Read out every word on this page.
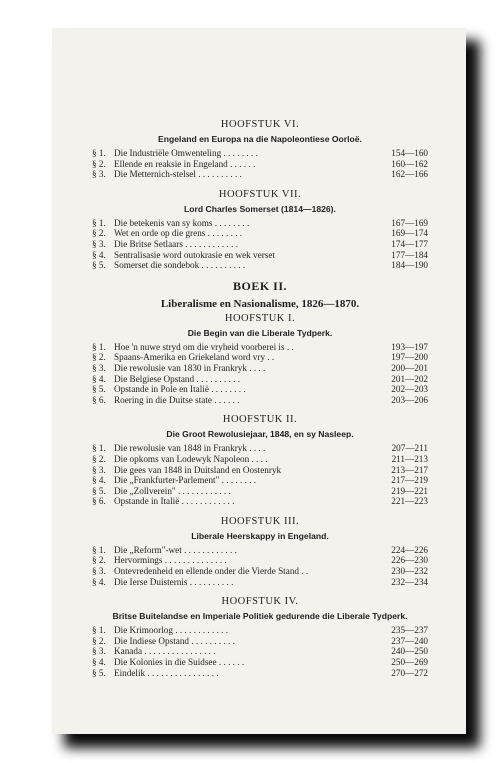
HOOFSTUK VI.
Engeland en Europa na die Napoleontiese Oorloë.
§ 1. Die Industriële Omwenteling . . . . . . . .	154—160
§ 2. Ellende en reaksie in Engeland . . . . . .	160—162
§ 3. Die Metternich-stelsel . . . . . . . . . .	162—166
HOOFSTUK VII.
Lord Charles Somerset (1814—1826).
§ 1. Die betekenis van sy koms . . . . . . . .	167—169
§ 2. Wet en orde op die grens . . . . . . . .	169—174
§ 3. Die Britse Setlaars . . . . . . . . . . . .	174—177
§ 4. Sentralisasie word outokrasie en wek verset	177—184
§ 5. Somerset die sondebok . . . . . . . . . .	184—190
BOEK II.
Liberalisme en Nasionalisme, 1826—1870.
HOOFSTUK I.
Die Begin van die Liberale Tydperk.
§ 1. Hoe 'n nuwe stryd om die vryheid voorberei is . .	193—197
§ 2. Spaans-Amerika en Griekeland word vry . .	197—200
§ 3. Die rewolusie van 1830 in Frankryk . . . .	200—201
§ 4. Die Belgiese Opstand . . . . . . . . . .	201—202
§ 5. Opstande in Pole en Italië . . . . . . . .	202—203
§ 6. Roering in die Duitse state . . . . . .	203—206
HOOFSTUK II.
Die Groot Rewolusiejaar, 1848, en sy Nasleep.
§ 1. Die rewolusie van 1848 in Frankryk . . . .	207—211
§ 2. Die opkoms van Lodewyk Napoleon . . . .	211—213
§ 3. Die gees van 1848 in Duitsland en Oostenryk	213—217
§ 4. Die „Frankfurter-Parlement" . . . . . . . .	217—219
§ 5. Die „Zollverein" . . . . . . . . . . . .	219—221
§ 6. Opstande in Italië . . . . . . . . . . . .	221—223
HOOFSTUK III.
Liberale Heerskappy in Engeland.
§ 1. Die „Reform"-wet . . . . . . . . . . . .	224—226
§ 2. Hervormings . . . . . . . . . . . . . .	226—230
§ 3. Ontevredenheid en ellende onder die Vierde Stand . .	230—232
§ 4. Die Ierse Duisternis . . . . . . . . . .	232—234
HOOFSTUK IV.
Britse Buitelandse en Imperiale Politiek gedurende die Liberale Tydperk.
§ 1. Die Krimoorlog . . . . . . . . . . . .	235—237
§ 2. Die Indiese Opstand . . . . . . . . . .	237—240
§ 3. Kanada . . . . . . . . . . . . . . . .	240—250
§ 4. Die Kolonies in die Suidsee . . . . . .	250—269
§ 5. Eindelik . . . . . . . . . . . . . . . .	270—272
